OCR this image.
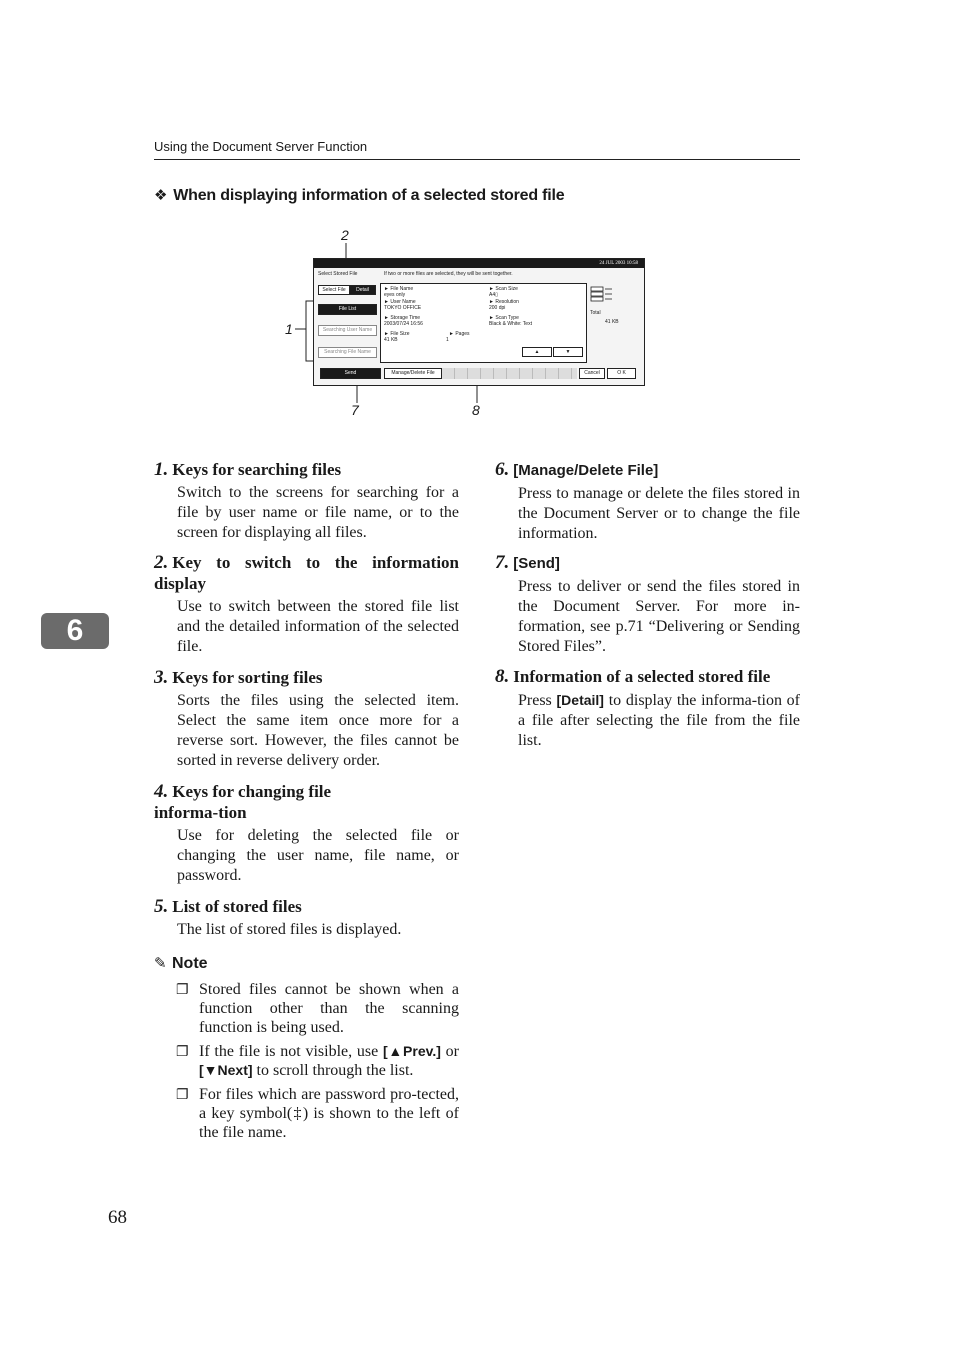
Using the Document Server Function
❖ When displaying information of a selected stored file
2
1
7	8
24 JUL 2003 10:58
Select Stored File	If two or more files are selected, they will be sent together.
Select File	Detail
File List
Searching User Name
Searching File Name
► File Name
eyes only
► User Name
TOKYO OFFICE
► Storage Time
2003/07/24 16:56
► File Size
41 KB
► Pages
1
► Scan Size
A4▯
► Resolution
200 dpi
► Scan Type
Black & White: Text
▲	▼
Total
41 KB
Send	Manage/Delete File	Cancel	O K
1. Keys for searching files
Switch to the screens for searching for a file by user name or file name, or to the screen for displaying all files.
2. Key to switch to the information display
Use to switch between the stored file list and the detailed information of the selected file.
3. Keys for sorting files
Sorts the files using the selected item. Select the same item once more for a reverse sort. However, the files cannot be sorted in reverse delivery order.
4. Keys for changing file informa-tion
Use for deleting the selected file or changing the user name, file name, or password.
5. List of stored files
The list of stored files is displayed.
✎ Note
❐ Stored files cannot be shown when a function other than the scanning function is being used.
❐ If the file is not visible, use [▲Prev.] or [▼Next] to scroll through the list.
❐ For files which are password pro-tected, a key symbol(‡) is shown to the left of the file name.
6. [Manage/Delete File]
Press to manage or delete the files stored in the Document Server or to change the file information.
7. [Send]
Press to deliver or send the files stored in the Document Server. For more in-formation, see p.71 “Delivering or Sending Stored Files”.
8. Information of a selected stored file
Press [Detail] to display the informa-tion of a file after selecting the file from the file list.
6
68
